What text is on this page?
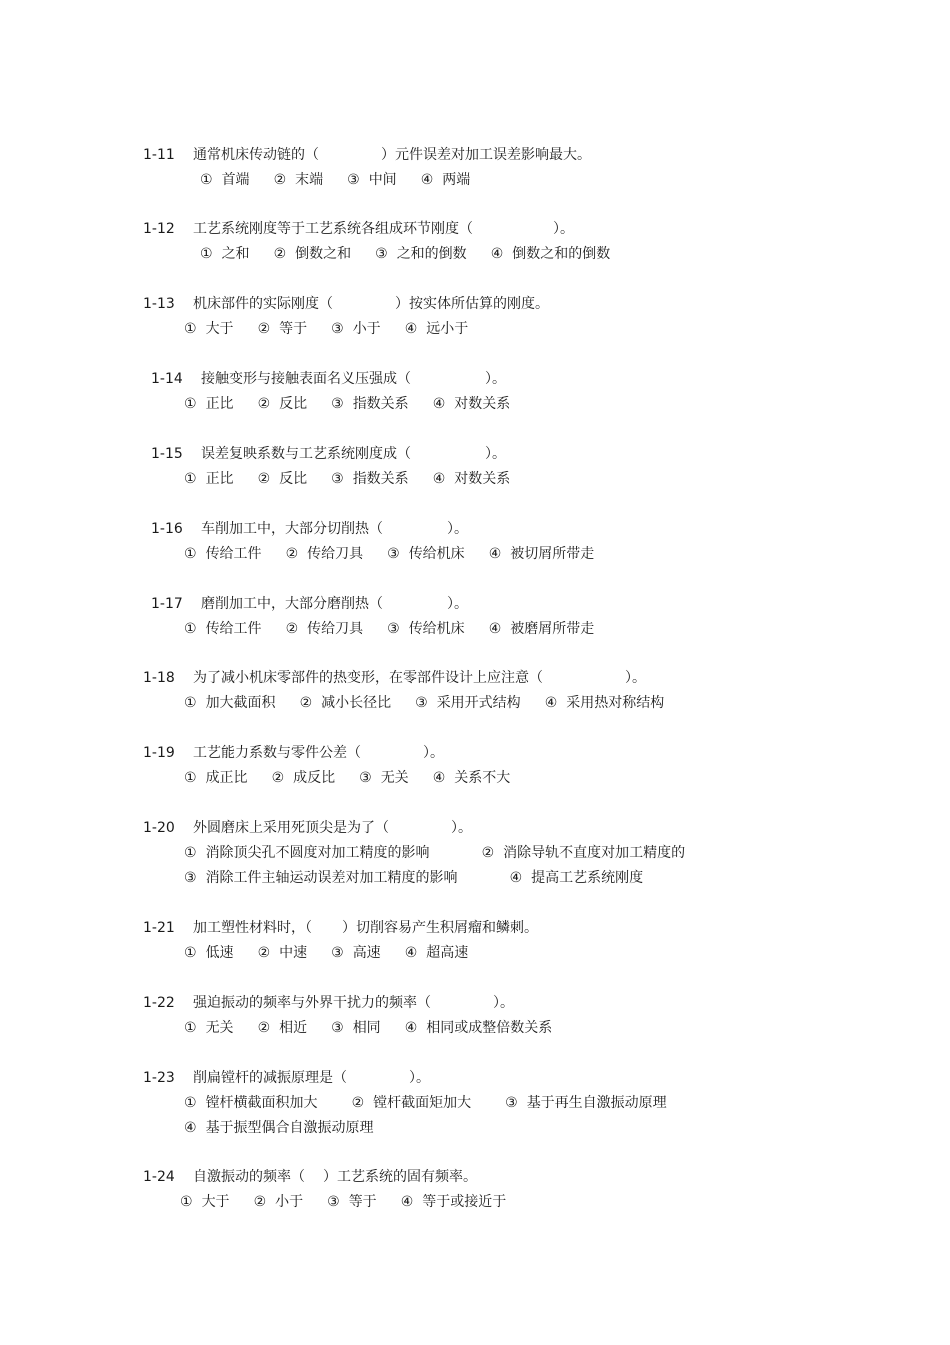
1-11 通常机床传动链的（	）元件误差对加工误差影响最大。
① 首端 ② 末端 ③ 中间 ④ 两端
1-12 工艺系统刚度等于工艺系统各组成环节刚度（	）。
① 之和 ② 倒数之和 ③ 之和的倒数 ④ 倒数之和的倒数
1-13 机床部件的实际刚度（	）按实体所估算的刚度。
① 大于 ② 等于 ③ 小于 ④ 远小于
1-14 接触变形与接触表面名义压强成（	）。
① 正比 ② 反比 ③ 指数关系 ④ 对数关系
1-15 误差复映系数与工艺系统刚度成（	）。
① 正比 ② 反比 ③ 指数关系 ④ 对数关系
1-16 车削加工中，大部分切削热（	）。
① 传给工件 ② 传给刀具 ③ 传给机床 ④ 被切屑所带走
1-17 磨削加工中，大部分磨削热（	）。
① 传给工件 ② 传给刀具 ③ 传给机床 ④ 被磨屑所带走
1-18 为了减小机床零部件的热变形，在零部件设计上应注意（	）。
① 加大截面积 ② 减小长径比 ③ 采用开式结构 ④ 采用热对称结构
1-19 工艺能力系数与零件公差（	）。
① 成正比 ② 成反比 ③ 无关 ④ 关系不大
1-20 外圆磨床上采用死顶尖是为了（	）。
① 消除顶尖孔不圆度对加工精度的影响	② 消除导轨不直度对加工精度的
③ 消除工件主轴运动误差对加工精度的影响	④ 提高工艺系统刚度
1-21 加工塑性材料时，（ ）切削容易产生积屑瘤和鳞刺。
① 低速 ② 中速 ③ 高速 ④ 超高速
1-22 强迫振动的频率与外界干扰力的频率（	）。
① 无关 ② 相近 ③ 相同 ④ 相同或成整倍数关系
1-23 削扁镗杆的减振原理是（	）。
① 镗杆横截面积加大 ② 镗杆截面矩加大 ③ 基于再生自激振动原理
④ 基于振型偶合自激振动原理
1-24 自激振动的频率（ ）工艺系统的固有频率。
① 大于 ② 小于 ③ 等于 ④ 等于或接近于
